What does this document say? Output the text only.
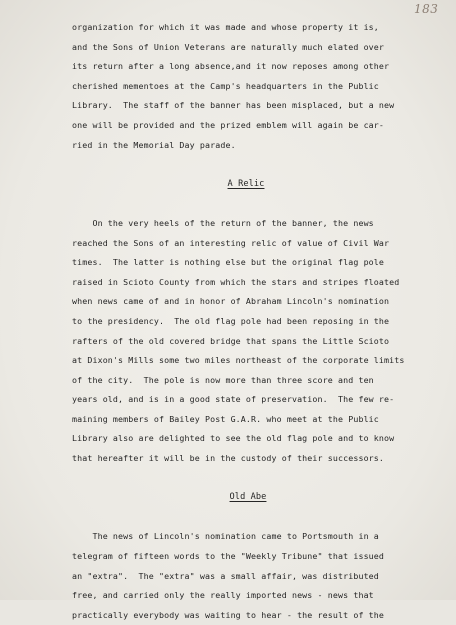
183
organization for which it was made and whose property it is,
and the Sons of Union Veterans are naturally much elated over
its return after a long absence,and it now reposes among other
cherished mementoes at the Camp's headquarters in the Public
Library.  The staff of the banner has been misplaced, but a new
one will be provided and the prized emblem will again be car-
ried in the Memorial Day parade.
A Relic
On the very heels of the return of the banner, the news
reached the Sons of an interesting relic of value of Civil War
times.  The latter is nothing else but the original flag pole
raised in Scioto County from which the stars and stripes floated
when news came of and in honor of Abraham Lincoln's nomination
to the presidency.  The old flag pole had been reposing in the
rafters of the old covered bridge that spans the Little Scioto
at Dixon's Mills some two miles northeast of the corporate limits
of the city.  The pole is now more than three score and ten
years old, and is in a good state of preservation.  The few re-
maining members of Bailey Post G.A.R. who meet at the Public
Library also are delighted to see the old flag pole and to know
that hereafter it will be in the custody of their successors.
Old Abe
The news of Lincoln's nomination came to Portsmouth in a
telegram of fifteen words to the "Weekly Tribune" that issued
an "extra".  The "extra" was a small affair, was distributed
free, and carried only the really imported news - news that
practically everybody was waiting to hear - the result of the
